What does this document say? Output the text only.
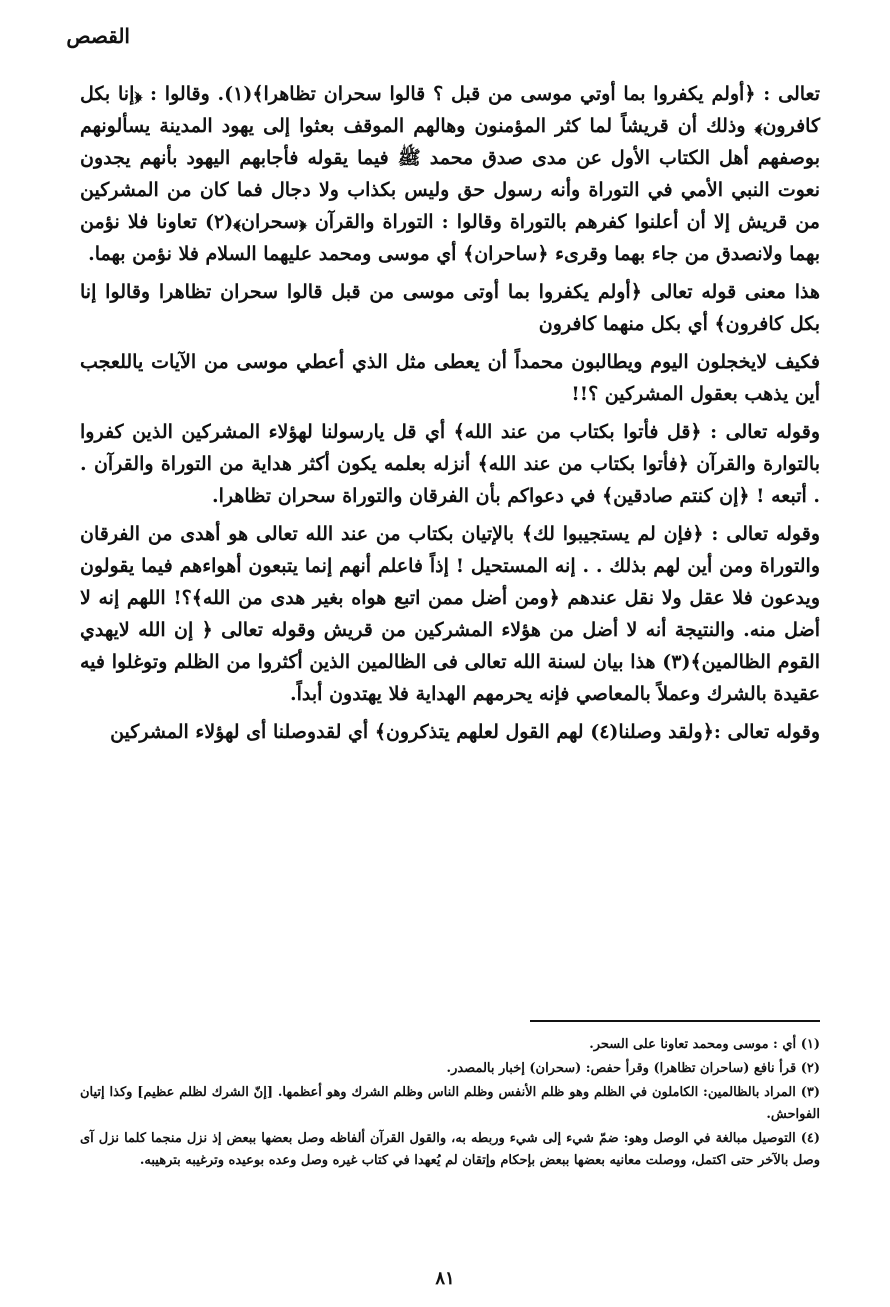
القصص

تعالى : ﴿أولم يكفروا بما أوتي موسى من قبل ؟ قالوا سحران تظاهرا﴾(١). وقالوا : ﴿إنا بكل كافرون﴾ وذلك أن قريشاً لما كثر المؤمنون وهالهم الموقف بعثوا إلى يهود المدينة يسألونهم بوصفهم أهل الكتاب الأول عن مدى صدق محمد ﷺ فيما يقوله فأجابهم اليهود بأنهم يجدون نعوت النبي الأمي في التوراة وأنه رسول حق وليس بكذاب ولا دجال فما كان من المشركين من قريش إلا أن أعلنوا كفرهم بالتوراة وقالوا : التوراة والقرآن ﴿سحران﴾(٢) تعاونا فلا نؤمن بهما ولانصدق من جاء بهما وقرىء ﴿ساحران﴾ أي موسى ومحمد عليهما السلام فلا نؤمن بهما.

هذا معنى قوله تعالى ﴿أولم يكفروا بما أوتى موسى من قبل قالوا سحران تظاهرا وقالوا إنا بكل كافرون﴾ أي بكل منهما كافرون

فكيف لايخجلون اليوم ويطالبون محمداً أن يعطى مثل الذي أعطي موسى من الآيات ياللعجب أين يذهب بعقول المشركين ؟!!

وقوله تعالى : ﴿قل فأتوا بكتاب من عند الله﴾ أي قل يارسولنا لهؤلاء المشركين الذين كفروا بالتوارة والقرآن ﴿فأتوا بكتاب من عند الله﴾ أنزله بعلمه يكون أكثر هداية من التوراة والقرآن . . أتبعه ! ﴿إن كنتم صادقين﴾ في دعواكم بأن الفرقان والتوراة سحران تظاهرا.

وقوله تعالى : ﴿فإن لم يستجيبوا لك﴾ بالإتيان بكتاب من عند الله تعالى هو أهدى من الفرقان والتوراة ومن أين لهم بذلك . . إنه المستحيل ! إذاً فاعلم أنهم إنما يتبعون أهواءهم فيما يقولون ويدعون فلا عقل ولا نقل عندهم ﴿ومن أضل ممن اتبع هواه بغير هدى من الله﴾؟! اللهم إنه لا أضل منه. والنتيجة أنه لا أضل من هؤلاء المشركين من قريش وقوله تعالى ﴿ إن الله لايهدي القوم الظالمين﴾(٣) هذا بيان لسنة الله تعالى فى الظالمين الذين أكثروا من الظلم وتوغلوا فيه عقيدة بالشرك وعملاً بالمعاصي فإنه يحرمهم الهداية فلا يهتدون أبداً.

وقوله تعالى :﴿ولقد وصلنا(٤) لهم القول لعلهم يتذكرون﴾ أي لقدوصلنا أى لهؤلاء المشركين

(١) أي : موسى ومحمد تعاونا على السحر.

(٢) قرأ نافع (ساحران تظاهرا) وقرأ حفص: (سحران) إخبار بالمصدر.

(٣) المراد بالظالمين: الكاملون في الظلم وهو ظلم الأنفس وظلم الناس وظلم الشرك وهو أعظمها. [إنّ الشرك لظلم عظيم] وكذا إتيان الفواحش.

(٤) التوصيل مبالغة في الوصل وهو: ضمّ شيء إلى شيء وربطه به، والقول القرآن ألفاظه وصل بعضها ببعض إذ نزل منجما كلما نزل آى وصل بالآخر حتى اكتمل، ووصلت معانيه بعضها ببعض بإحكام وإتقان لم يُعهدا في كتاب غيره وصل وعده بوعيده وترغيبه بترهيبه.

٨١
